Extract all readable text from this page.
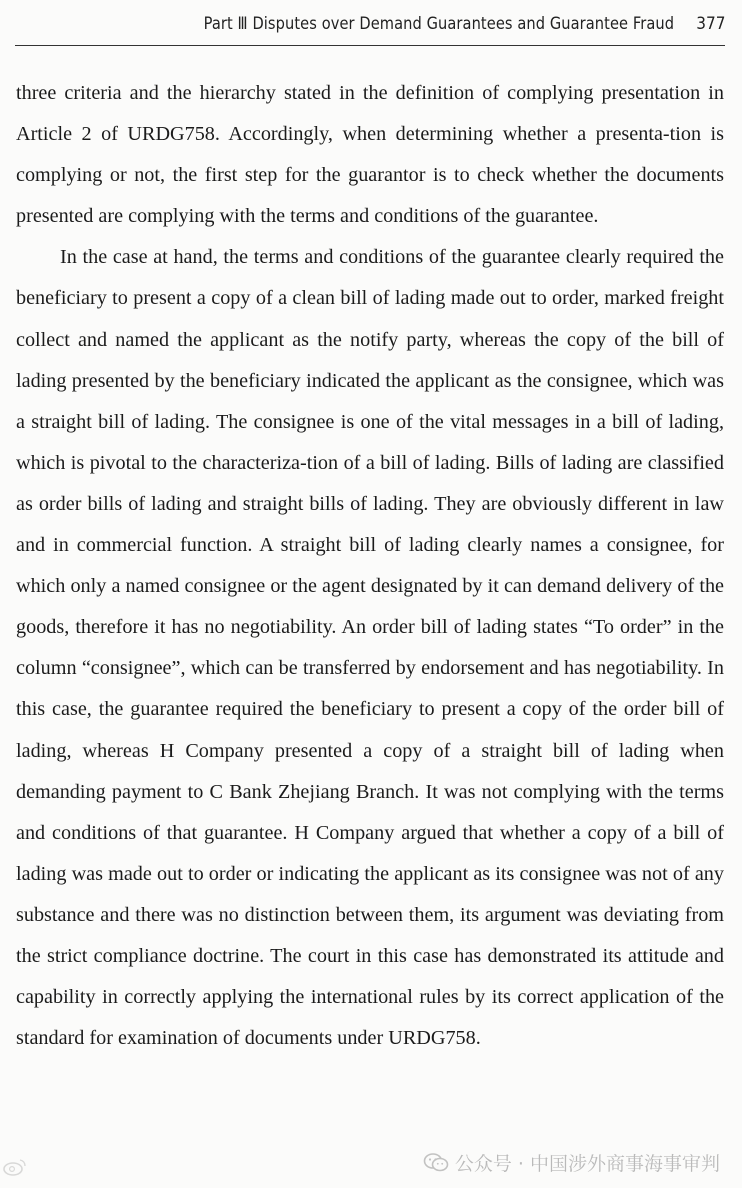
Part Ⅲ Disputes over Demand Guarantees and Guarantee Fraud 377

three criteria and the hierarchy stated in the definition of complying presentation in Article 2 of URDG758. Accordingly, when determining whether a presenta-tion is complying or not, the first step for the guarantor is to check whether the documents presented are complying with the terms and conditions of the guarantee.

In the case at hand, the terms and conditions of the guarantee clearly required the beneficiary to present a copy of a clean bill of lading made out to order, marked freight collect and named the applicant as the notify party, whereas the copy of the bill of lading presented by the beneficiary indicated the applicant as the consignee, which was a straight bill of lading. The consignee is one of the vital messages in a bill of lading, which is pivotal to the characteriza-tion of a bill of lading. Bills of lading are classified as order bills of lading and straight bills of lading. They are obviously different in law and in commercial function. A straight bill of lading clearly names a consignee, for which only a named consignee or the agent designated by it can demand delivery of the goods, therefore it has no negotiability. An order bill of lading states “To order” in the column “consignee”, which can be transferred by endorsement and has negotiability. In this case, the guarantee required the beneficiary to present a copy of the order bill of lading, whereas H Company presented a copy of a straight bill of lading when demanding payment to C Bank Zhejiang Branch. It was not complying with the terms and conditions of that guarantee. H Company argued that whether a copy of a bill of lading was made out to order or indicating the applicant as its consignee was not of any substance and there was no distinction between them, its argument was deviating from the strict compliance doctrine. The court in this case has demonstrated its attitude and capability in correctly applying the international rules by its correct application of the standard for examination of documents under URDG758.

公众号 · 中国涉外商事海事审判
